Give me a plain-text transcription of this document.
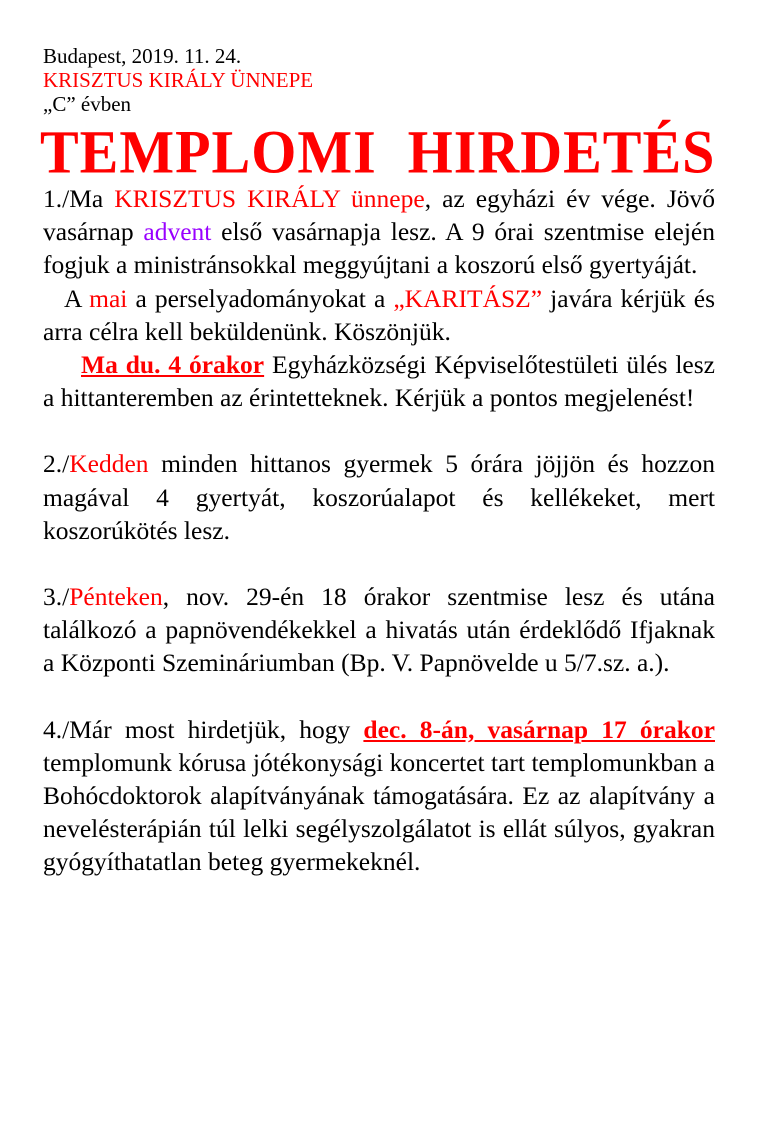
Budapest, 2019. 11. 24.
KRISZTUS KIRÁLY ÜNNEPE
„C” évben
TEMPLOMI  HIRDETÉS
1./Ma KRISZTUS KIRÁLY ünnepe, az egyházi év vége. Jövő vasárnap advent első vasárnapja lesz. A 9 órai szentmise elején fogjuk a ministránsokkal meggyújtani a koszorú első gyertyáját.
A mai a perselyadományokat a „KARITÁSZ” javára kérjük és arra célra kell beküldenünk. Köszönjük.
Ma du. 4 órakor Egyházközségi Képviselőtestületi ülés lesz a hittanteremben az érintetteknek. Kérjük a pontos megjelenést!
2./Kedden minden hittanos gyermek 5 órára jöjjön és hozzon magával 4 gyertyát, koszorúalapot és kellékeket, mert koszorúkötés lesz.
3./Pénteken, nov. 29-én 18 órakor szentmise lesz és utána találkozó a papnövendékekkel a hivatás után érdeklődő Ifjaknak a Központi Szemináriumban (Bp. V. Papnövelde u 5/7.sz. a.).
4./Már most hirdetjük, hogy dec. 8-án, vasárnap 17 órakor templomunk kórusa jótékonysági koncertet tart templomunkban a Bohócdoktorok alapítványának támogatására. Ez az alapítvány a nevelésterápián túl lelki segélyszolgálatot is ellát súlyos, gyakran gyógyíthatatlan beteg gyermekeknél.
